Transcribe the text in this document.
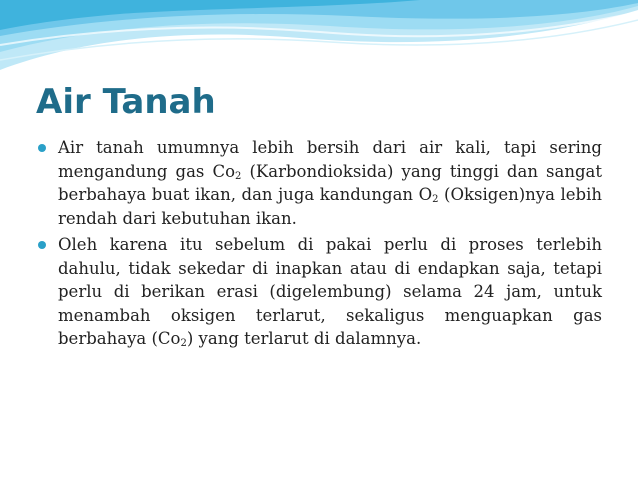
Air Tanah
Air tanah umumnya lebih bersih dari air kali, tapi sering mengandung gas $Co_2$ (Karbondioksida) yang tinggi dan sangat berbahaya buat ikan, dan juga kandungan $O_2$ (Oksigen)nya lebih rendah dari kebutuhan ikan.
Oleh karena itu sebelum di pakai perlu di proses terlebih dahulu, tidak sekedar di inapkan atau di endapkan saja, tetapi perlu di berikan erasi (digelembung) selama 24 jam, untuk menambah oksigen terlarut, sekaligus menguapkan gas berbahaya $(Co_2)$ yang terlarut di dalamnya.
